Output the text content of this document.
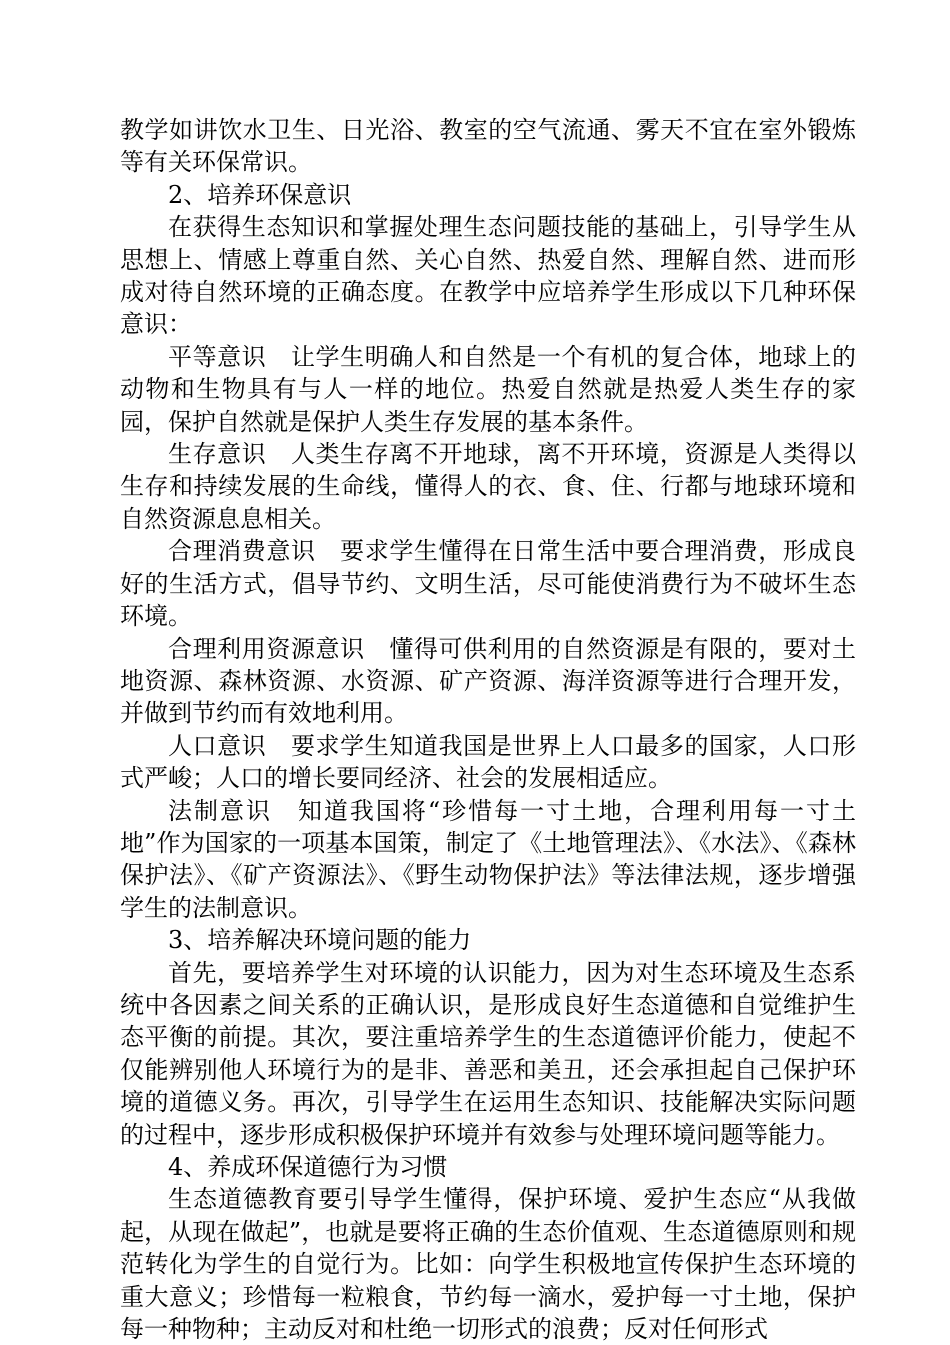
教学如讲饮水卫生、日光浴、教室的空气流通、雾天不宜在室外锻炼等有关环保常识。

2、培养环保意识

在获得生态知识和掌握处理生态问题技能的基础上，引导学生从思想上、情感上尊重自然、关心自然、热爱自然、理解自然、进而形成对待自然环境的正确态度。在教学中应培养学生形成以下几种环保意识：

平等意识　让学生明确人和自然是一个有机的复合体，地球上的动物和生物具有与人一样的地位。热爱自然就是热爱人类生存的家园，保护自然就是保护人类生存发展的基本条件。

生存意识　人类生存离不开地球，离不开环境，资源是人类得以生存和持续发展的生命线，懂得人的衣、食、住、行都与地球环境和自然资源息息相关。

合理消费意识　要求学生懂得在日常生活中要合理消费，形成良好的生活方式，倡导节约、文明生活，尽可能使消费行为不破坏生态环境。

合理利用资源意识　懂得可供利用的自然资源是有限的，要对土地资源、森林资源、水资源、矿产资源、海洋资源等进行合理开发，并做到节约而有效地利用。

人口意识　要求学生知道我国是世界上人口最多的国家，人口形式严峻；人口的增长要同经济、社会的发展相适应。

法制意识　知道我国将“珍惜每一寸土地，合理利用每一寸土地”作为国家的一项基本国策，制定了《土地管理法》、《水法》、《森林保护法》、《矿产资源法》、《野生动物保护法》等法律法规，逐步增强学生的法制意识。

3、培养解决环境问题的能力

首先，要培养学生对环境的认识能力，因为对生态环境及生态系统中各因素之间关系的正确认识，是形成良好生态道德和自觉维护生态平衡的前提。其次，要注重培养学生的生态道德评价能力，使起不仅能辨别他人环境行为的是非、善恶和美丑，还会承担起自己保护环境的道德义务。再次，引导学生在运用生态知识、技能解决实际问题的过程中，逐步形成积极保护环境并有效参与处理环境问题等能力。

4、养成环保道德行为习惯

生态道德教育要引导学生懂得，保护环境、爱护生态应“从我做起，从现在做起”，也就是要将正确的生态价值观、生态道德原则和规范转化为学生的自觉行为。比如：向学生积极地宣传保护生态环境的重大意义；珍惜每一粒粮食，节约每一滴水，爱护每一寸土地，保护每一种物种；主动反对和杜绝一切形式的浪费；反对任何形式
